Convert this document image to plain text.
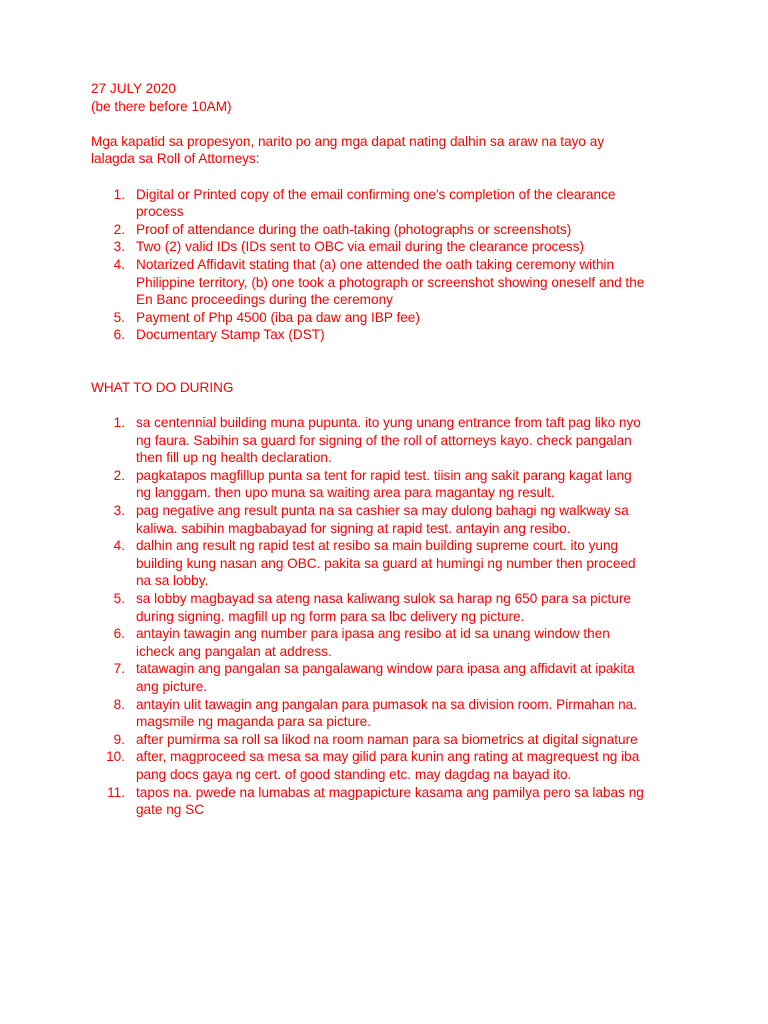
27 JULY 2020

(be there before 10AM)

Mga kapatid sa propesyon, narito po ang mga dapat nating dalhin sa araw na tayo ay

lalagda sa Roll of Attorneys:

1. Digital or Printed copy of the email confirming one's completion of the clearance
process
2. Proof of attendance during the oath-taking (photographs or screenshots)
3. Two (2) valid IDs (IDs sent to OBC via email during the clearance process)
4. Notarized Affidavit stating that (a) one attended the oath taking ceremony within
Philippine territory, (b) one took a photograph or screenshot showing oneself and the
En Banc proceedings during the ceremony
5. Payment of Php 4500 (iba pa daw ang IBP fee)
6. Documentary Stamp Tax (DST)

WHAT TO DO DURING

1. sa centennial building muna pupunta. ito yung unang entrance from taft pag liko nyo
ng faura. Sabihin sa guard for signing of the roll of attorneys kayo. check pangalan
then fill up ng health declaration.
2. pagkatapos magfillup punta sa tent for rapid test. tiisin ang sakit parang kagat lang
ng langgam. then upo muna sa waiting area para magantay ng result.
3. pag negative ang result punta na sa cashier sa may dulong bahagi ng walkway sa
kaliwa. sabihin magbabayad for signing at rapid test. antayin ang resibo.
4. dalhin ang result ng rapid test at resibo sa main building supreme court. ito yung
building kung nasan ang OBC. pakita sa guard at humingi ng number then proceed
na sa lobby.
5. sa lobby magbayad sa ateng nasa kaliwang sulok sa harap ng 650 para sa picture
during signing. magfill up ng form para sa lbc delivery ng picture.
6. antayin tawagin ang number para ipasa ang resibo at id sa unang window then
icheck ang pangalan at address.
7. tatawagin ang pangalan sa pangalawang window para ipasa ang affidavit at ipakita
ang picture.
8. antayin ulit tawagin ang pangalan para pumasok na sa division room. Pirmahan na.
magsmile ng maganda para sa picture.
9. after pumirma sa roll sa likod na room naman para sa biometrics at digital signature
10. after, magproceed sa mesa sa may gilid para kunin ang rating at magrequest ng iba
pang docs gaya ng cert. of good standing etc. may dagdag na bayad ito.
11. tapos na. pwede na lumabas at magpapicture kasama ang pamilya pero sa labas ng
gate ng SC
